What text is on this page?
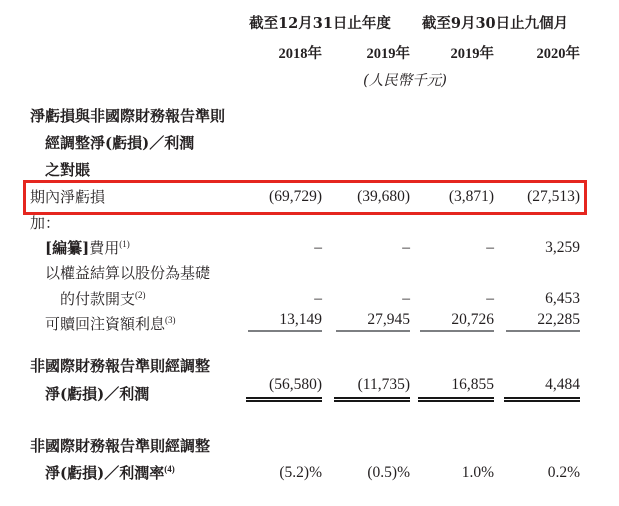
	截至12月31日止年度		截至9月30日止九個月	
	2018年	2019年	2019年	2020年
	(人民幣千元)			

淨虧損與非國際財務報告準則				
經調整淨(虧損)／利潤				
之對賬				
期內淨虧損	(69,729)	(39,680)	(3,871)	(27,513)
加：				
[編纂]費用$^{(1)}$	–	–	–	3,259
以權益結算以股份為基礎				
的付款開支$^{(2)}$	–	–	–	6,453
可贖回注資額利息$^{(3)}$	13,149	27,945	20,726	22,285

非國際財務報告準則經調整				
淨(虧損)／利潤	(56,580)	(11,735)	16,855	4,484

非國際財務報告準則經調整				
淨(虧損)／利潤率$^{(4)}$	(5.2)%	(0.5)%	1.0%	0.2%
